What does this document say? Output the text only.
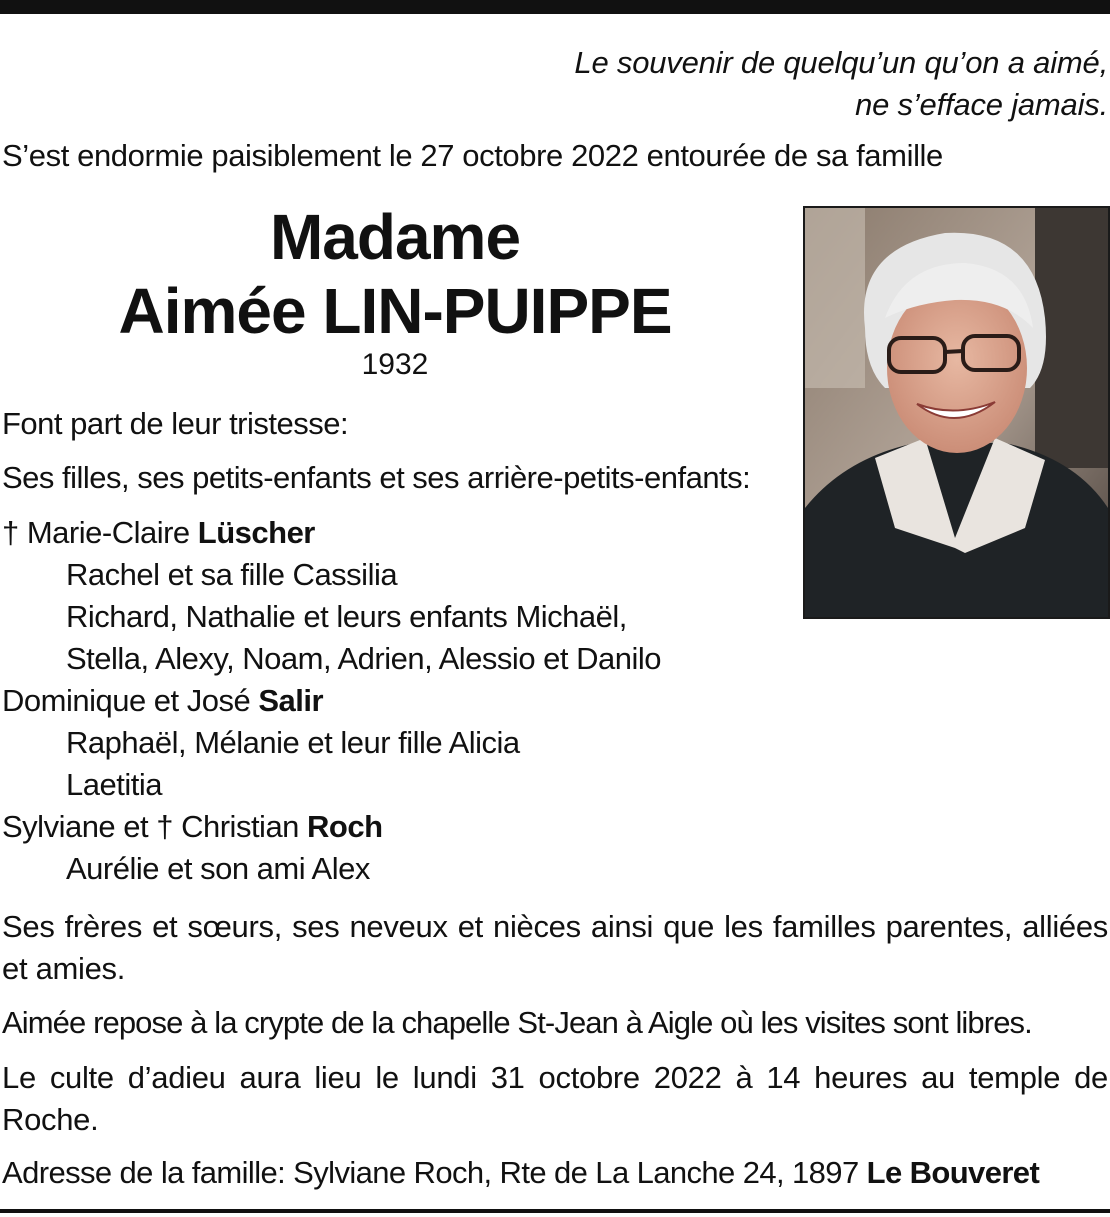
Le souvenir de quelqu’un qu’on a aimé,
ne s’efface jamais.
S’est endormie paisiblement le 27 octobre 2022 entourée de sa famille
Madame
Aimée LIN-PUIPPE
1932
Font part de leur tristesse:
Ses filles, ses petits-enfants et ses arrière-petits-enfants:
† Marie-Claire Lüscher
Rachel et sa fille Cassilia
Richard, Nathalie et leurs enfants Michaël,
Stella, Alexy, Noam, Adrien, Alessio et Danilo
Dominique et José Salir
Raphaël, Mélanie et leur fille Alicia
Laetitia
Sylviane et † Christian Roch
Aurélie et son ami Alex
Ses frères et sœurs, ses neveux et nièces ainsi que les familles parentes, alliées et amies.
Aimée repose à la crypte de la chapelle St-Jean à Aigle où les visites sont libres.
Le culte d’adieu aura lieu le lundi 31 octobre 2022 à 14 heures au temple de Roche.
Adresse de la famille: Sylviane Roch, Rte de La Lanche 24, 1897 Le Bouveret
